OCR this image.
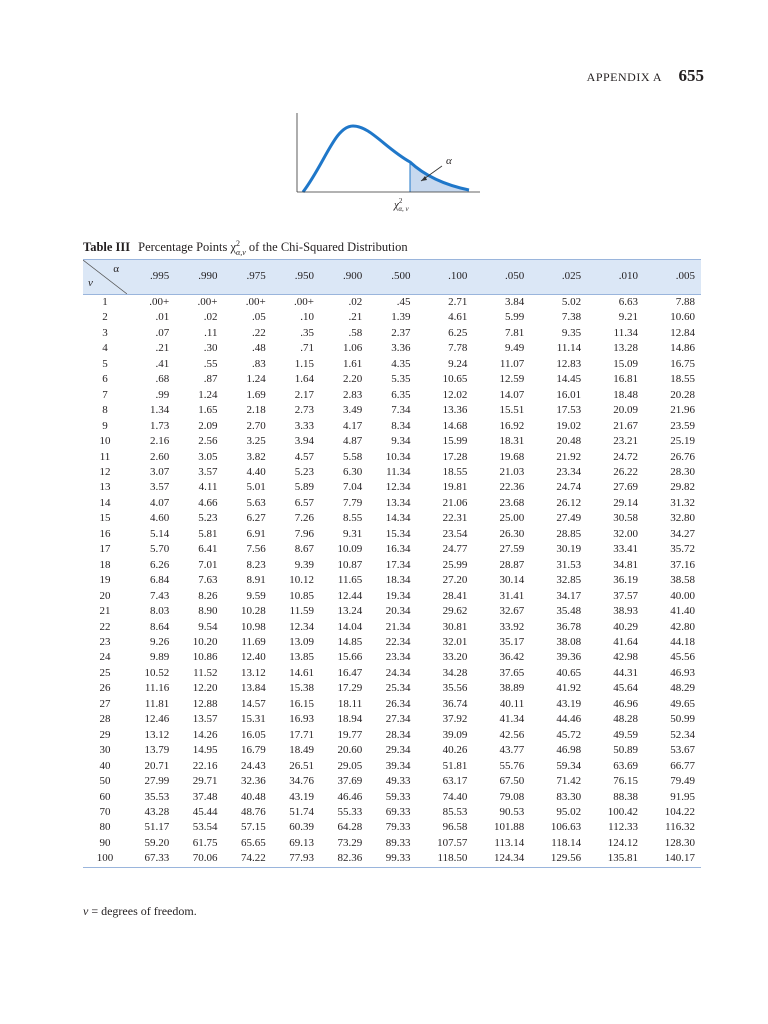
APPENDIX A 655
α
$\chi^2$ α, ν
Table III Percentage Points $\chi^2_{\alpha,\nu}$ of the Chi-Squared Distribution
α
ν	.995	.990	.975	.950	.900	.500	.100	.050	.025	.010	.005
1	.00+	.00+	.00+	.00+	.02	.45	2.71	3.84	5.02	6.63	7.88
2	.01	.02	.05	.10	.21	1.39	4.61	5.99	7.38	9.21	10.60
3	.07	.11	.22	.35	.58	2.37	6.25	7.81	9.35	11.34	12.84
4	.21	.30	.48	.71	1.06	3.36	7.78	9.49	11.14	13.28	14.86
5	.41	.55	.83	1.15	1.61	4.35	9.24	11.07	12.83	15.09	16.75
6	.68	.87	1.24	1.64	2.20	5.35	10.65	12.59	14.45	16.81	18.55
7	.99	1.24	1.69	2.17	2.83	6.35	12.02	14.07	16.01	18.48	20.28
8	1.34	1.65	2.18	2.73	3.49	7.34	13.36	15.51	17.53	20.09	21.96
9	1.73	2.09	2.70	3.33	4.17	8.34	14.68	16.92	19.02	21.67	23.59
10	2.16	2.56	3.25	3.94	4.87	9.34	15.99	18.31	20.48	23.21	25.19
11	2.60	3.05	3.82	4.57	5.58	10.34	17.28	19.68	21.92	24.72	26.76
12	3.07	3.57	4.40	5.23	6.30	11.34	18.55	21.03	23.34	26.22	28.30
13	3.57	4.11	5.01	5.89	7.04	12.34	19.81	22.36	24.74	27.69	29.82
14	4.07	4.66	5.63	6.57	7.79	13.34	21.06	23.68	26.12	29.14	31.32
15	4.60	5.23	6.27	7.26	8.55	14.34	22.31	25.00	27.49	30.58	32.80
16	5.14	5.81	6.91	7.96	9.31	15.34	23.54	26.30	28.85	32.00	34.27
17	5.70	6.41	7.56	8.67	10.09	16.34	24.77	27.59	30.19	33.41	35.72
18	6.26	7.01	8.23	9.39	10.87	17.34	25.99	28.87	31.53	34.81	37.16
19	6.84	7.63	8.91	10.12	11.65	18.34	27.20	30.14	32.85	36.19	38.58
20	7.43	8.26	9.59	10.85	12.44	19.34	28.41	31.41	34.17	37.57	40.00
21	8.03	8.90	10.28	11.59	13.24	20.34	29.62	32.67	35.48	38.93	41.40
22	8.64	9.54	10.98	12.34	14.04	21.34	30.81	33.92	36.78	40.29	42.80
23	9.26	10.20	11.69	13.09	14.85	22.34	32.01	35.17	38.08	41.64	44.18
24	9.89	10.86	12.40	13.85	15.66	23.34	33.20	36.42	39.36	42.98	45.56
25	10.52	11.52	13.12	14.61	16.47	24.34	34.28	37.65	40.65	44.31	46.93
26	11.16	12.20	13.84	15.38	17.29	25.34	35.56	38.89	41.92	45.64	48.29
27	11.81	12.88	14.57	16.15	18.11	26.34	36.74	40.11	43.19	46.96	49.65
28	12.46	13.57	15.31	16.93	18.94	27.34	37.92	41.34	44.46	48.28	50.99
29	13.12	14.26	16.05	17.71	19.77	28.34	39.09	42.56	45.72	49.59	52.34
30	13.79	14.95	16.79	18.49	20.60	29.34	40.26	43.77	46.98	50.89	53.67
40	20.71	22.16	24.43	26.51	29.05	39.34	51.81	55.76	59.34	63.69	66.77
50	27.99	29.71	32.36	34.76	37.69	49.33	63.17	67.50	71.42	76.15	79.49
60	35.53	37.48	40.48	43.19	46.46	59.33	74.40	79.08	83.30	88.38	91.95
70	43.28	45.44	48.76	51.74	55.33	69.33	85.53	90.53	95.02	100.42	104.22
80	51.17	53.54	57.15	60.39	64.28	79.33	96.58	101.88	106.63	112.33	116.32
90	59.20	61.75	65.65	69.13	73.29	89.33	107.57	113.14	118.14	124.12	128.30
100	67.33	70.06	74.22	77.93	82.36	99.33	118.50	124.34	129.56	135.81	140.17
ν = degrees of freedom.
